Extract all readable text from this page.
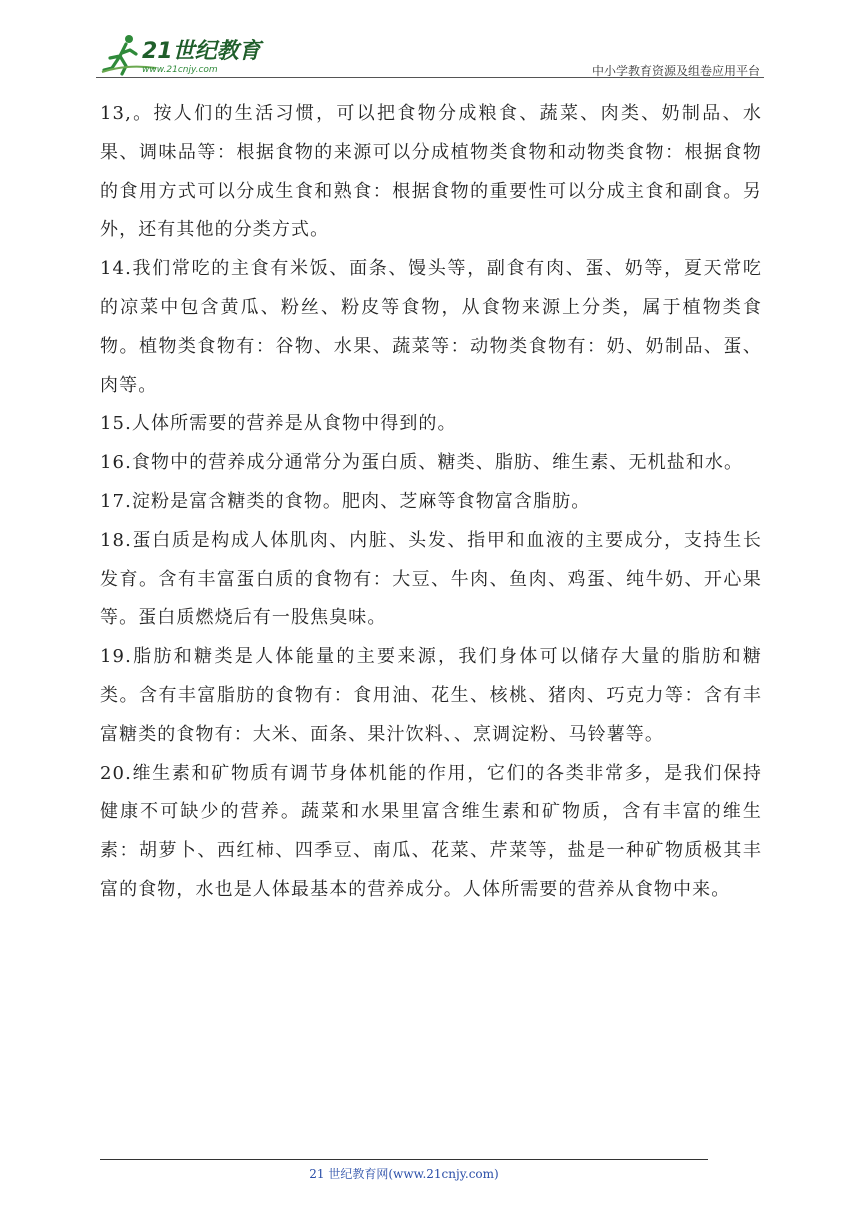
21世纪教育
www.21cnjy.com	中小学教育资源及组卷应用平台

13,。按人们的生活习惯，可以把食物分成粮食、蔬菜、肉类、奶制品、水果、调味品等：根据食物的来源可以分成植物类食物和动物类食物：根据食物的食用方式可以分成生食和熟食：根据食物的重要性可以分成主食和副食。另外，还有其他的分类方式。

14.我们常吃的主食有米饭、面条、馒头等，副食有肉、蛋、奶等，夏天常吃的凉菜中包含黄瓜、粉丝、粉皮等食物，从食物来源上分类，属于植物类食物。植物类食物有：谷物、水果、蔬菜等：动物类食物有：奶、奶制品、蛋、肉等。

15.人体所需要的营养是从食物中得到的。

16.食物中的营养成分通常分为蛋白质、糖类、脂肪、维生素、无机盐和水。

17.淀粉是富含糖类的食物。肥肉、芝麻等食物富含脂肪。

18.蛋白质是构成人体肌肉、内脏、头发、指甲和血液的主要成分，支持生长发育。含有丰富蛋白质的食物有：大豆、牛肉、鱼肉、鸡蛋、纯牛奶、开心果等。蛋白质燃烧后有一股焦臭味。

19.脂肪和糖类是人体能量的主要来源，我们身体可以储存大量的脂肪和糖类。含有丰富脂肪的食物有：食用油、花生、核桃、猪肉、巧克力等：含有丰富糖类的食物有：大米、面条、果汁饮料、、烹调淀粉、马铃薯等。

20.维生素和矿物质有调节身体机能的作用，它们的各类非常多，是我们保持健康不可缺少的营养。蔬菜和水果里富含维生素和矿物质，含有丰富的维生素：胡萝卜、西红柿、四季豆、南瓜、花菜、芹菜等，盐是一种矿物质极其丰富的食物，水也是人体最基本的营养成分。人体所需要的营养从食物中来。

21 世纪教育网(www.21cnjy.com)
